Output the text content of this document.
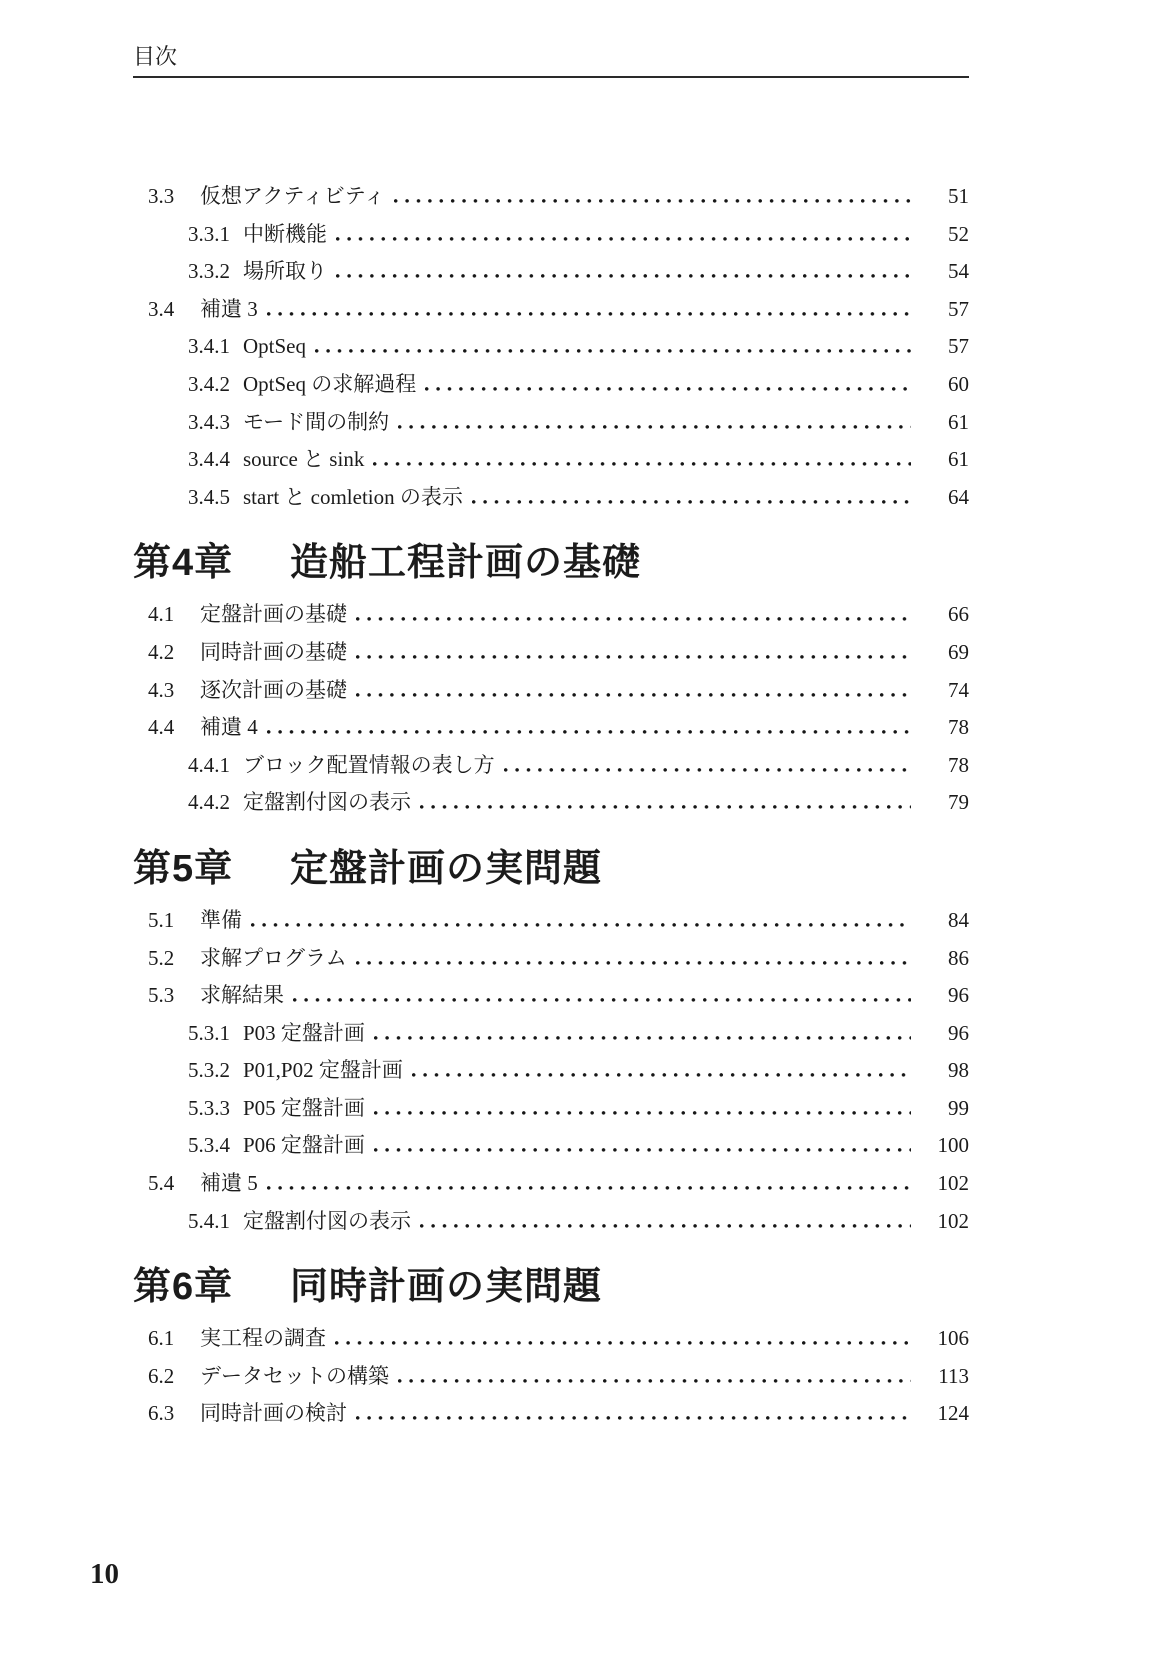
目次
3.3	仮想アクティビティ	51
3.3.1 中断機能	52
3.3.2 場所取り	54
3.4	補遺 3	57
3.4.1 OptSeq	57
3.4.2 OptSeq の求解過程	60
3.4.3 モード間の制約	61
3.4.4 source と sink	61
3.4.5 start と comletion の表示	64
第4章 造船工程計画の基礎
4.1	定盤計画の基礎	66
4.2	同時計画の基礎	69
4.3	逐次計画の基礎	74
4.4	補遺 4	78
4.4.1 ブロック配置情報の表し方	78
4.4.2 定盤割付図の表示	79
第5章 定盤計画の実問題
5.1	準備	84
5.2	求解プログラム	86
5.3	求解結果	96
5.3.1 P03 定盤計画	96
5.3.2 P01,P02 定盤計画	98
5.3.3 P05 定盤計画	99
5.3.4 P06 定盤計画	100
5.4	補遺 5	102
5.4.1 定盤割付図の表示	102
第6章 同時計画の実問題
6.1	実工程の調査	106
6.2	データセットの構築	113
6.3	同時計画の検討	124
10
